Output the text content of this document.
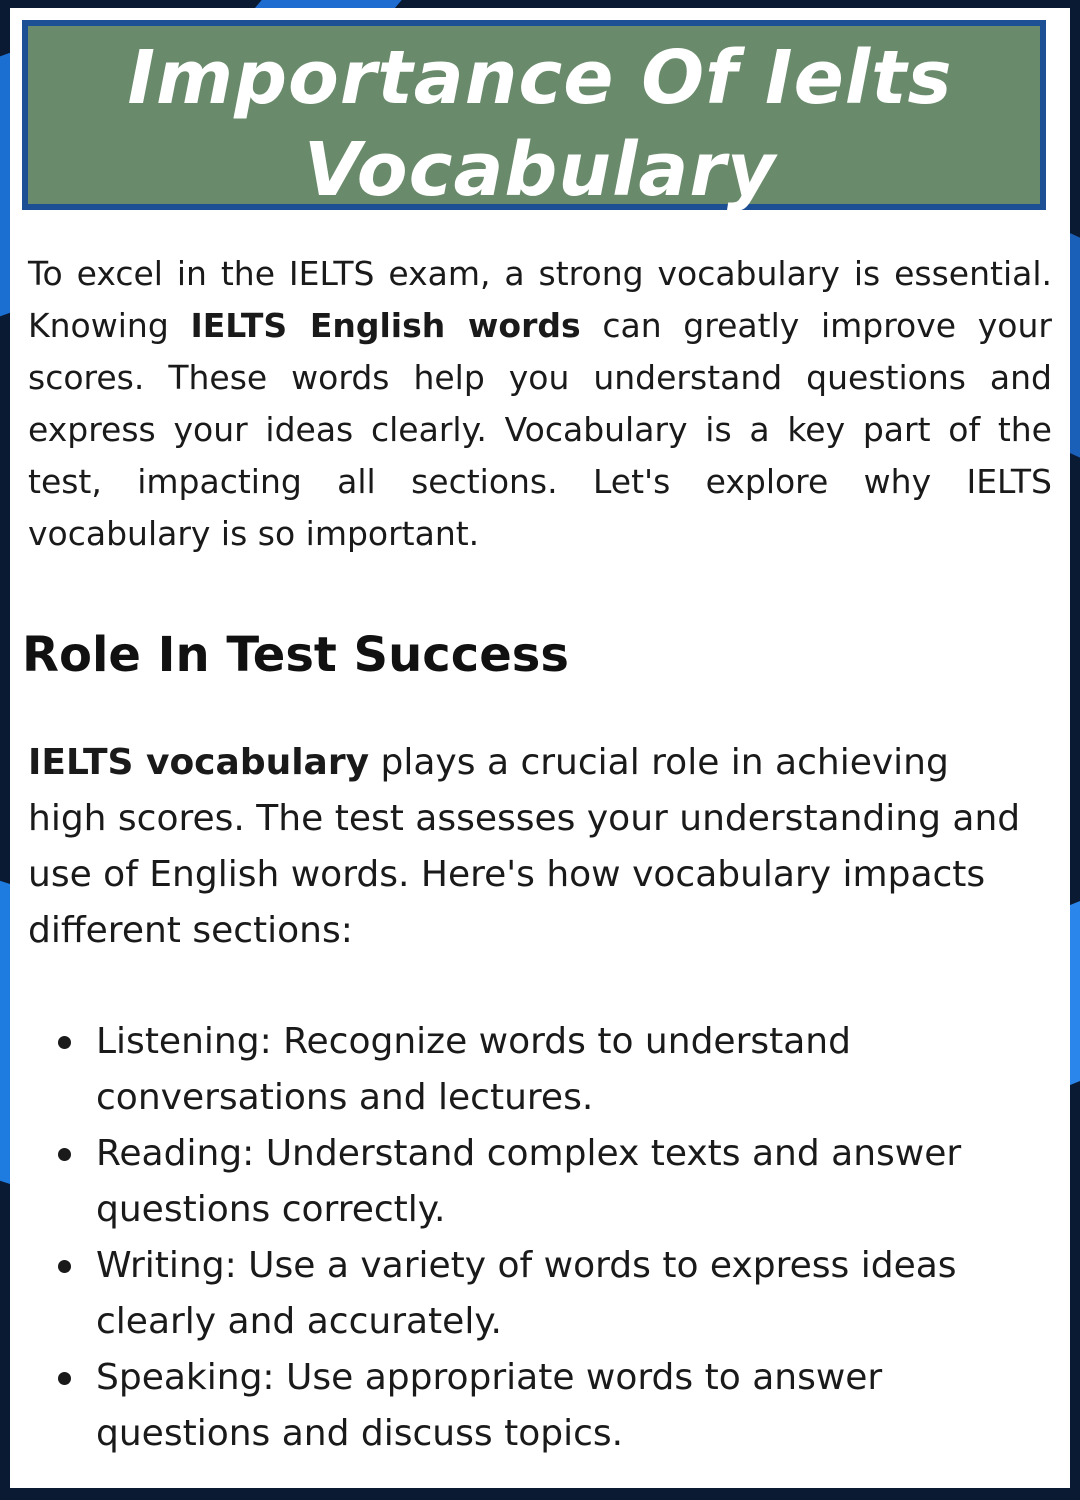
Importance Of Ielts
Vocabulary

To excel in the IELTS exam, a strong vocabulary is essential. Knowing IELTS English words can greatly improve your scores. These words help you understand questions and express your ideas clearly. Vocabulary is a key part of the test, impacting all sections. Let's explore why IELTS vocabulary is so important.

Role In Test Success

IELTS vocabulary plays a crucial role in achieving high scores. The test assesses your understanding and use of English words. Here's how vocabulary impacts different sections:

Listening: Recognize words to understand conversations and lectures.
Reading: Understand complex texts and answer questions correctly.
Writing: Use a variety of words to express ideas clearly and accurately.
Speaking: Use appropriate words to answer questions and discuss topics.
